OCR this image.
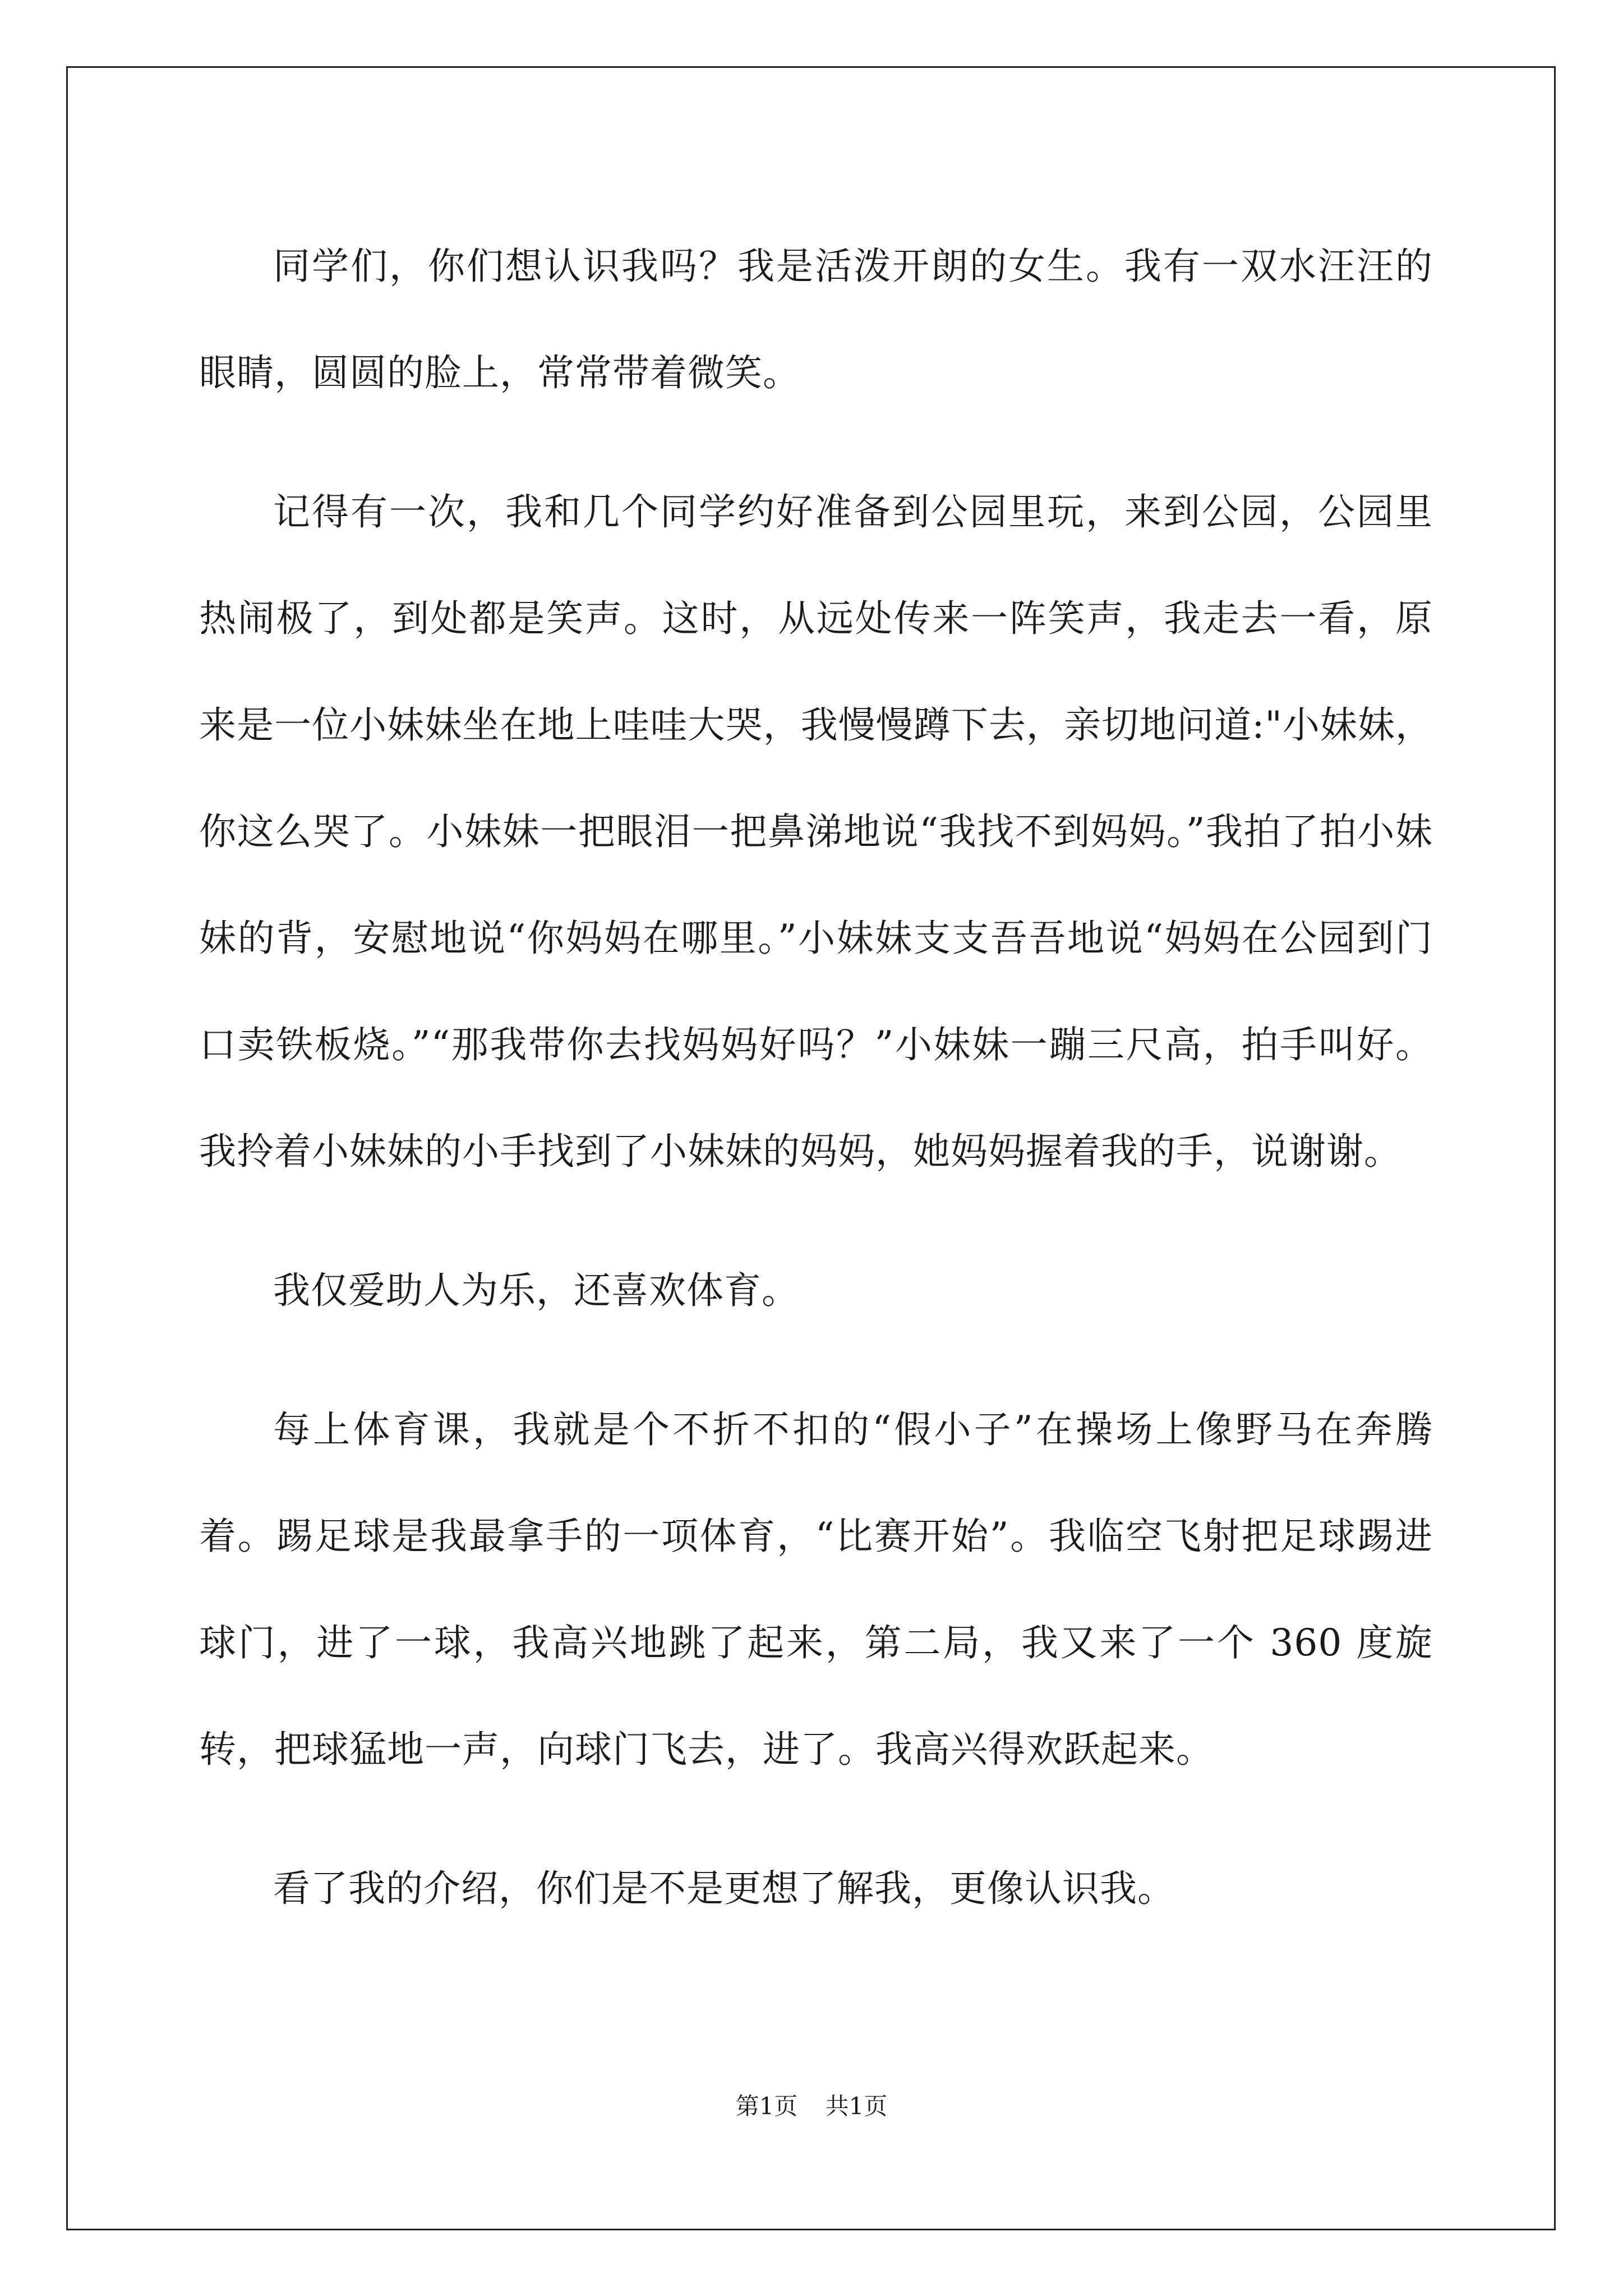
同学们，你们想认识我吗？我是活泼开朗的女生。我有一双水汪汪的眼睛，圆圆的脸上，常常带着微笑。

记得有一次，我和几个同学约好准备到公园里玩，来到公园，公园里热闹极了，到处都是笑声。这时，从远处传来一阵笑声，我走去一看，原来是一位小妹妹坐在地上哇哇大哭，我慢慢蹲下去，亲切地问道:"小妹妹，你这么哭了。小妹妹一把眼泪一把鼻涕地说“我找不到妈妈。”我拍了拍小妹妹的背，安慰地说“你妈妈在哪里。”小妹妹支支吾吾地说“妈妈在公园到门口卖铁板烧。”“那我带你去找妈妈好吗？”小妹妹一蹦三尺高，拍手叫好。我拎着小妹妹的小手找到了小妹妹的妈妈，她妈妈握着我的手，说谢谢。

我仅爱助人为乐，还喜欢体育。

每上体育课，我就是个不折不扣的“假小子”在操场上像野马在奔腾着。踢足球是我最拿手的一项体育，“比赛开始”。我临空飞射把足球踢进球门，进了一球，我高兴地跳了起来，第二局，我又来了一个 360 度旋转，把球猛地一声，向球门飞去，进了。我高兴得欢跃起来。

看了我的介绍，你们是不是更想了解我，更像认识我。

第1页 共1页
